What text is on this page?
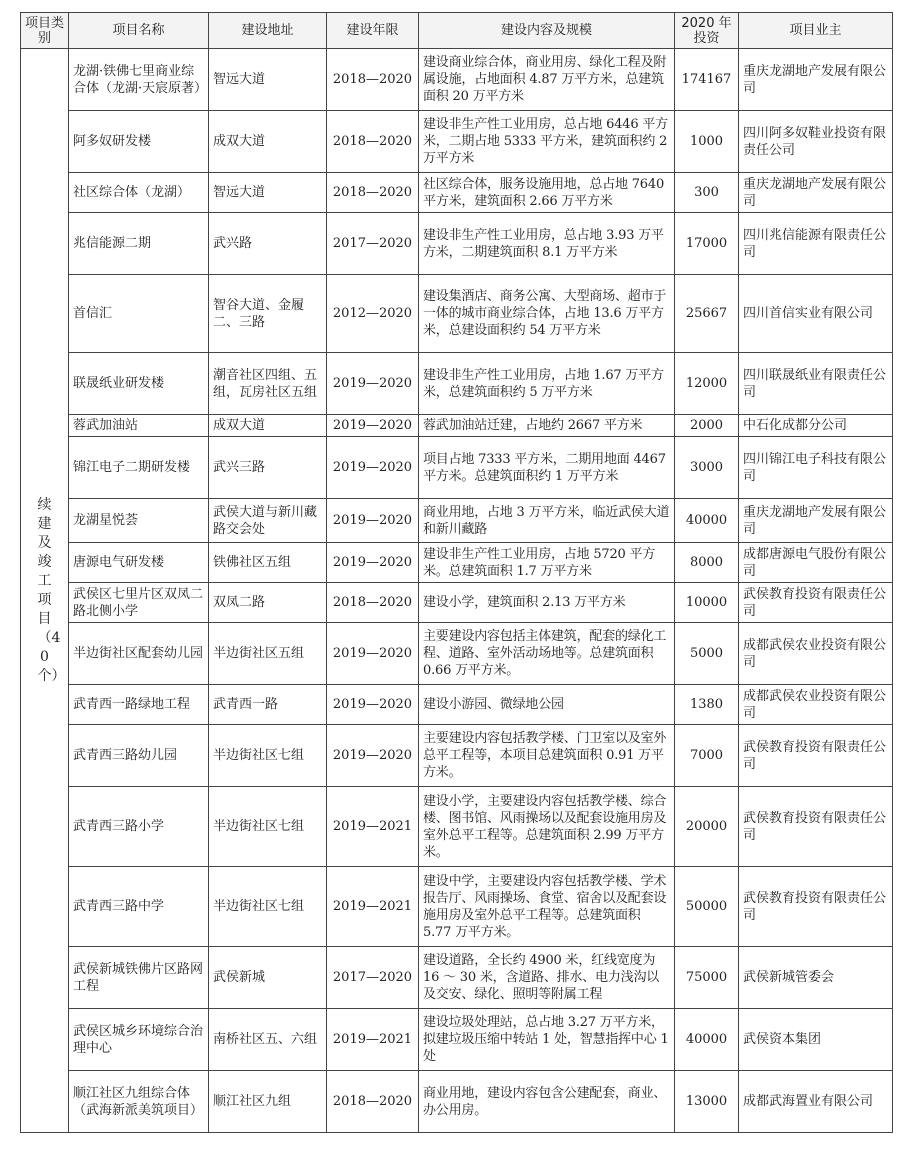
项目类别	项目名称	建设地址	建设年限	建设内容及规模	2020 年投资	项目业主
续建及竣工项目（40个）	龙湖·铁佛七里商业综合体（龙湖·天宸原著）	智远大道	2018—2020	建设商业综合体，商业用房、绿化工程及附属设施，占地面积 4.87 万平方米，总建筑面积 20 万平方米	174167	重庆龙湖地产发展有限公司
	阿多奴研发楼	成双大道	2018—2020	建设非生产性工业用房，总占地 6446 平方米，二期占地 5333 平方米，建筑面积约 2 万平方米	1000	四川阿多奴鞋业投资有限责任公司
	社区综合体（龙湖）	智远大道	2018—2020	社区综合体，服务设施用地，总占地 7640 平方米，建筑面积 2.66 万平方米	300	重庆龙湖地产发展有限公司
	兆信能源二期	武兴路	2017—2020	建设非生产性工业用房，总占地 3.93 万平方米，二期建筑面积 8.1 万平方米	17000	四川兆信能源有限责任公司
	首信汇	智谷大道、金履二、三路	2012—2020	建设集酒店、商务公寓、大型商场、超市于一体的城市商业综合体，占地 13.6 万平方米，总建设面积约 54 万平方米	25667	四川首信实业有限公司
	联晟纸业研发楼	潮音社区四组、五组，瓦房社区五组	2019—2020	建设非生产性工业用房，占地 1.67 万平方米，总建筑面积约 5 万平方米	12000	四川联晟纸业有限责任公司
	蓉武加油站	成双大道	2019—2020	蓉武加油站迁建，占地约 2667 平方米	2000	中石化成都分公司
	锦江电子二期研发楼	武兴三路	2019—2020	项目占地 7333 平方米，二期用地面 4467 平方米。总建筑面积约 1 万平方米	3000	四川锦江电子科技有限公司
	龙湖星悦荟	武侯大道与新川藏路交会处	2019—2020	商业用地，占地 3 万平方米，临近武侯大道和新川藏路	40000	重庆龙湖地产发展有限公司
	唐源电气研发楼	铁佛社区五组	2019—2020	建设非生产性工业用房，占地 5720 平方米。总建筑面积 1.7 万平方米	8000	成都唐源电气股份有限公司
	武侯区七里片区双凤二路北侧小学	双凤二路	2018—2020	建设小学，建筑面积 2.13 万平方米	10000	武侯教育投资有限责任公司
	半边街社区配套幼儿园	半边街社区五组	2019—2020	主要建设内容包括主体建筑，配套的绿化工程、道路、室外活动场地等。总建筑面积 0.66 万平方米。	5000	成都武侯农业投资有限公司
	武青西一路绿地工程	武青西一路	2019—2020	建设小游园、微绿地公园	1380	成都武侯农业投资有限公司
	武青西三路幼儿园	半边街社区七组	2019—2020	主要建设内容包括教学楼、门卫室以及室外总平工程等，本项目总建筑面积 0.91 万平方米。	7000	武侯教育投资有限责任公司
	武青西三路小学	半边街社区七组	2019—2021	建设小学，主要建设内容包括教学楼、综合楼、图书馆、风雨操场以及配套设施用房及室外总平工程等。总建筑面积 2.99 万平方米。	20000	武侯教育投资有限责任公司
	武青西三路中学	半边街社区七组	2019—2021	建设中学，主要建设内容包括教学楼、学术报告厅、风雨操场、食堂、宿舍以及配套设施用房及室外总平工程等。总建筑面积 5.77 万平方米。	50000	武侯教育投资有限责任公司
	武侯新城铁佛片区路网工程	武侯新城	2017—2020	建设道路，全长约 4900 米，红线宽度为 16 ～ 30 米，含道路、排水、电力浅沟以及交安、绿化、照明等附属工程	75000	武侯新城管委会
	武侯区城乡环境综合治理中心	南桥社区五、六组	2019—2021	建设垃圾处理站，总占地 3.27 万平方米，拟建垃圾压缩中转站 1 处，智慧指挥中心 1 处	40000	武侯资本集团
	顺江社区九组综合体（武海新派美筑项目）	顺江社区九组	2018—2020	商业用地，建设内容包含公建配套，商业、办公用房。	13000	成都武海置业有限公司
